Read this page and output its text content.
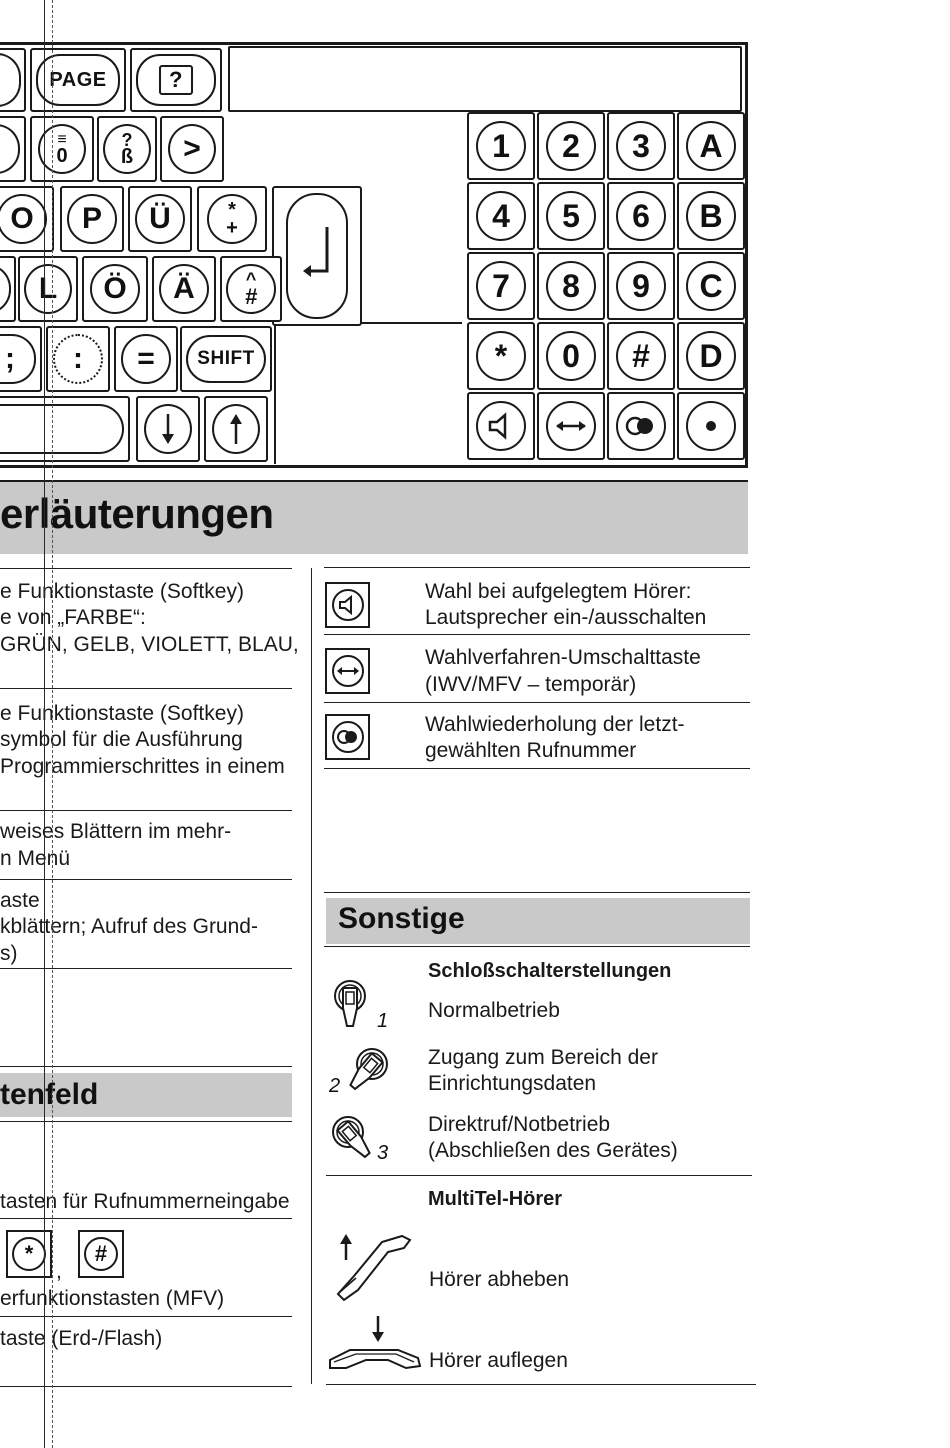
PAGE	?
≡
0
?
ß >
O P Ü	*
+
L Ö Ä	^
#
; : =	SHIFT
1 2 3 A
4 5 6 B
7 8 9 C
* 0 # D
erläuterungen
e Funktionstaste (Softkey)
e von „FARBE“:
GRÜN, GELB, VIOLETT, BLAU,
e Funktionstaste (Softkey)
symbol für die Ausführung
Programmierschrittes in einem
weises Blättern im mehr-
n Menü
aste
kblättern; Aufruf des Grund-
s)
tenfeld
tasten für Rufnummerneingabe
*
,
#
erfunktionstasten (MFV)
taste (Erd-/Flash)
Wahl bei aufgelegtem Hörer:
Lautsprecher ein-/ausschalten
Wahlverfahren-Umschalttaste
(IWV/MFV – temporär)
Wahlwiederholung der letzt-
gewählten Rufnummer
Sonstige
Schloßschalterstellungen
1 Normalbetrieb
2
Zugang zum Bereich der
Einrichtungsdaten
3
Direktruf/Notbetrieb
(Abschließen des Gerätes)
MultiTel-Hörer
Hörer abheben
Hörer auflegen
